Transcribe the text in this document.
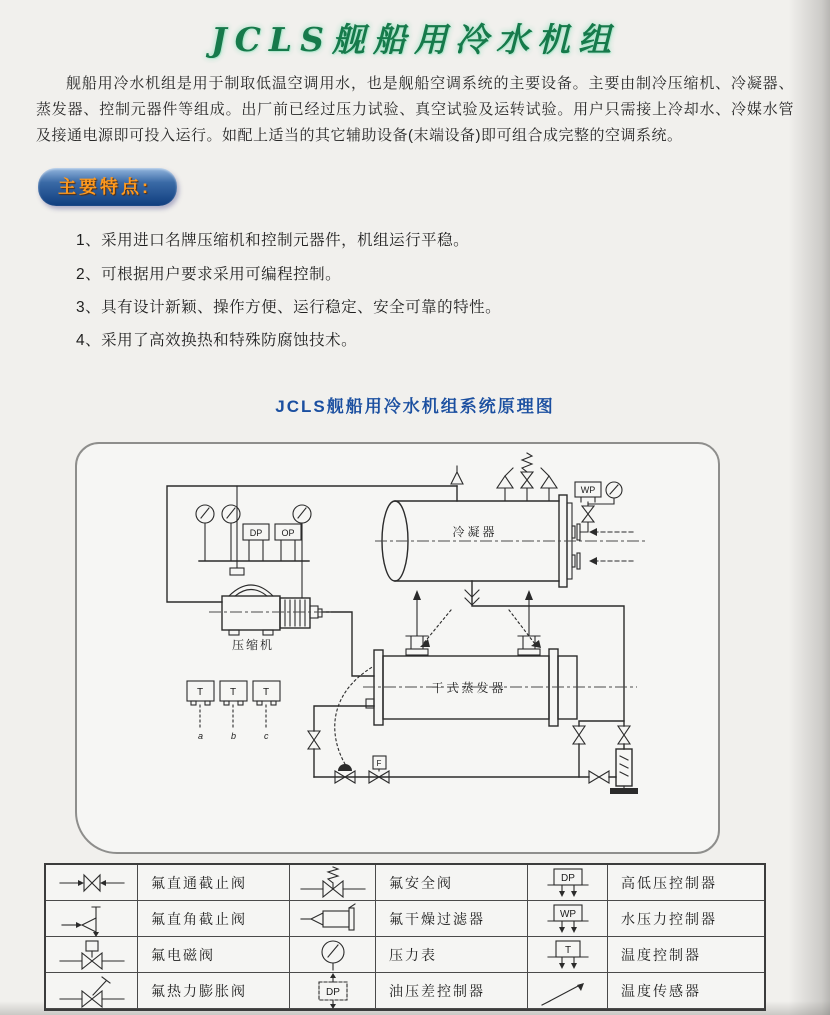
JCLS舰船用冷水机组

舰船用冷水机组是用于制取低温空调用水，也是舰船空调系统的主要设备。主要由制冷压缩机、冷凝器、蒸发器、控制元器件等组成。出厂前已经过压力试验、真空试验及运转试验。用户只需接上冷却水、冷媒水管及接通电源即可投入运行。如配上适当的其它辅助设备(末端设备)即可组合成完整的空调系统。

主要特点:
1、采用进口名牌压缩机和控制元器件，机组运行平稳。
2、可根据用户要求采用可编程控制。
3、具有设计新颖、操作方便、运行稳定、安全可靠的特性。
4、采用了高效换热和特殊防腐蚀技术。
JCLS舰船用冷水机组系统原理图
DP OP
压缩机
冷凝器
WP
干式蒸发器
T
a
T
b
T
c
F
氟直通截止阀	氟安全阀	DP	高低压控制器
氟直角截止阀	氟干燥过滤器	WP	水压力控制器
氟电磁阀	压力表	T	温度控制器
氟热力膨胀阀	DP	油压差控制器	温度传感器
